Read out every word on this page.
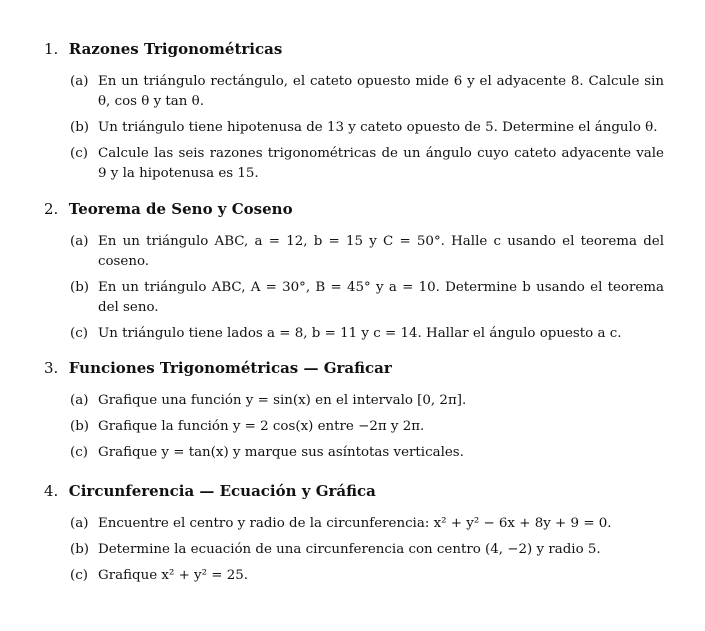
1. Razones Trigonométricas
(a) En un triángulo rectángulo, el cateto opuesto mide 6 y el adyacente 8. Calcule sin θ, cos θ y tan θ.
(b) Un triángulo tiene hipotenusa de 13 y cateto opuesto de 5. Determine el ángulo θ.
(c) Calcule las seis razones trigonométricas de un ángulo cuyo cateto adyacente vale 9 y la hipotenusa es 15.
2. Teorema de Seno y Coseno
(a) En un triángulo ABC, a = 12, b = 15 y C = 50°. Halle c usando el teorema del coseno.
(b) En un triángulo ABC, A = 30°, B = 45° y a = 10. Determine b usando el teorema del seno.
(c) Un triángulo tiene lados a = 8, b = 11 y c = 14. Hallar el ángulo opuesto a c.
3. Funciones Trigonométricas — Graficar
(a) Grafique una función y = sin(x) en el intervalo [0, 2π].
(b) Grafique la función y = 2 cos(x) entre −2π y 2π.
(c) Grafique y = tan(x) y marque sus asíntotas verticales.
4. Circunferencia — Ecuación y Gráfica
(a) Encuentre el centro y radio de la circunferencia: x² + y² − 6x + 8y + 9 = 0.
(b) Determine la ecuación de una circunferencia con centro (4, −2) y radio 5.
(c) Grafique x² + y² = 25.
